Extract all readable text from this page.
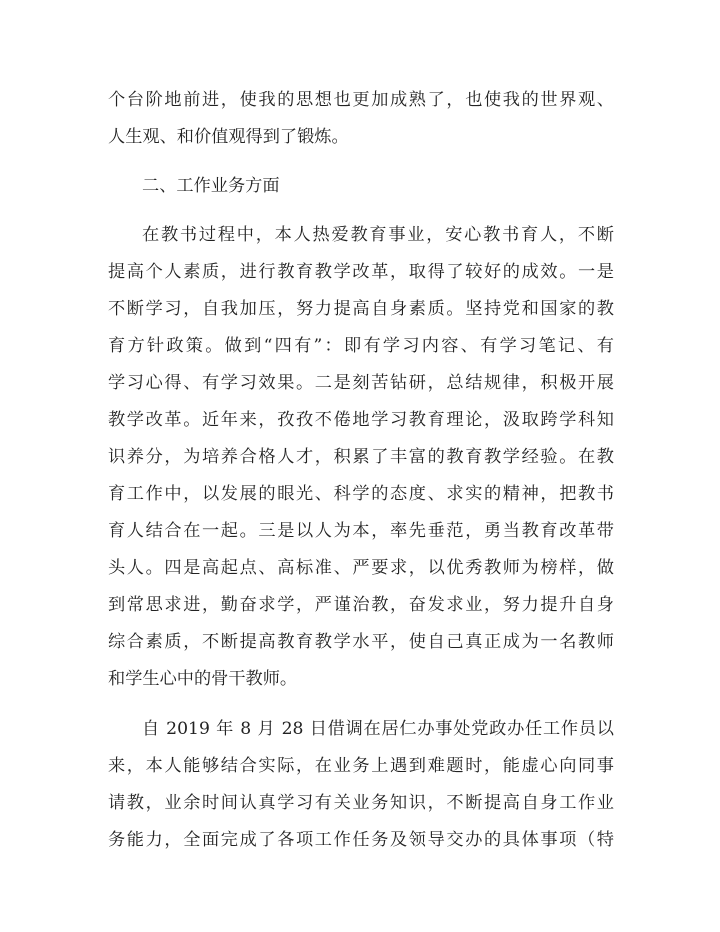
个台阶地前进，使我的思想也更加成熟了，也使我的世界观、
人生观、和价值观得到了锻炼。
二、工作业务方面
在教书过程中，本人热爱教育事业，安心教书育人，不断
提高个人素质，进行教育教学改革，取得了较好的成效。一是
不断学习，自我加压，努力提高自身素质。坚持党和国家的教
育方针政策。做到“四有”：即有学习内容、有学习笔记、有
学习心得、有学习效果。二是刻苦钻研，总结规律，积极开展
教学改革。近年来，孜孜不倦地学习教育理论，汲取跨学科知
识养分，为培养合格人才，积累了丰富的教育教学经验。在教
育工作中，以发展的眼光、科学的态度、求实的精神，把教书
育人结合在一起。三是以人为本，率先垂范，勇当教育改革带
头人。四是高起点、高标准、严要求，以优秀教师为榜样，做
到常思求进，勤奋求学，严谨治教，奋发求业，努力提升自身
综合素质，不断提高教育教学水平，使自己真正成为一名教师
和学生心中的骨干教师。
自 2019 年 8 月 28 日借调在居仁办事处党政办任工作员以
来，本人能够结合实际，在业务上遇到难题时，能虚心向同事
请教，业余时间认真学习有关业务知识，不断提高自身工作业
务能力，全面完成了各项工作任务及领导交办的具体事项（特
